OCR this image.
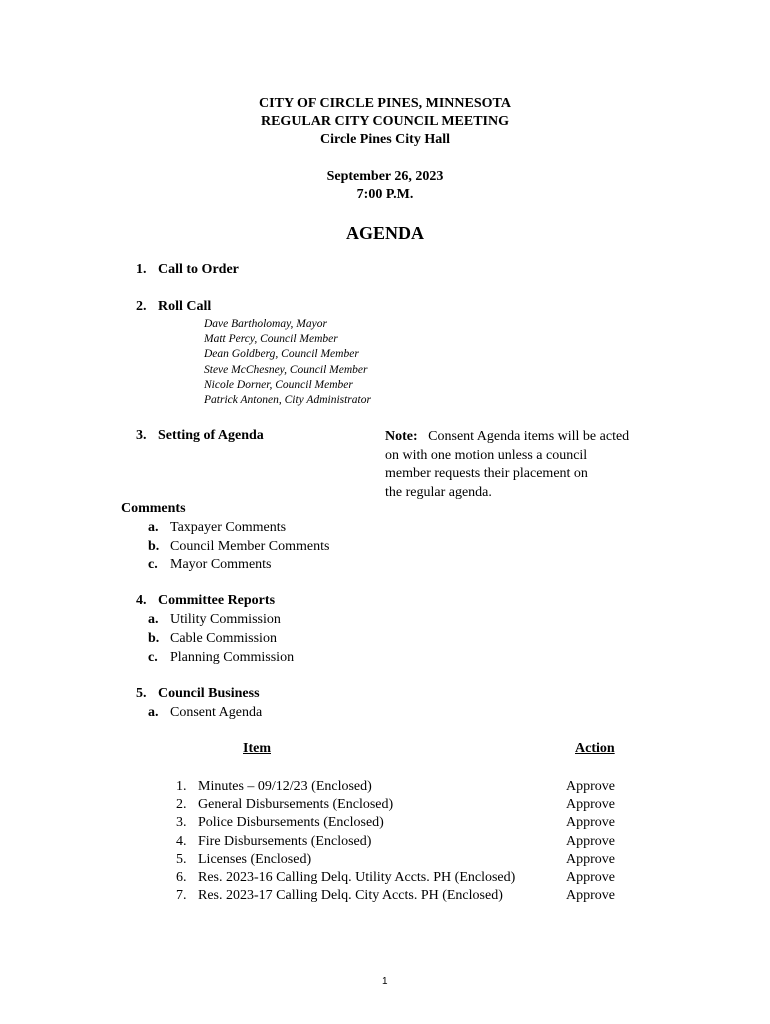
CITY OF CIRCLE PINES, MINNESOTA
REGULAR CITY COUNCIL MEETING
Circle Pines City Hall
September 26, 2023
7:00 P.M.
AGENDA
1. Call to Order
2. Roll Call
Dave Bartholomay, Mayor
Matt Percy, Council Member
Dean Goldberg, Council Member
Steve McChesney, Council Member
Nicole Dorner, Council Member
Patrick Antonen, City Administrator
3. Setting of Agenda	Note: Consent Agenda items will be acted
on with one motion unless a council
member requests their placement on
the regular agenda.
Comments
a. Taxpayer Comments
b. Council Member Comments
c. Mayor Comments
4. Committee Reports
a. Utility Commission
b. Cable Commission
c. Planning Commission
5. Council Business
a. Consent Agenda
Item	Action
1. Minutes – 09/12/23 (Enclosed)
2. General Disbursements (Enclosed)
3. Police Disbursements (Enclosed)
4. Fire Disbursements (Enclosed)
5. Licenses (Enclosed)
6. Res. 2023-16 Calling Delq. Utility Accts. PH (Enclosed)
7. Res. 2023-17 Calling Delq. City Accts. PH (Enclosed)
Approve
Approve
Approve
Approve
Approve
Approve
Approve
1
